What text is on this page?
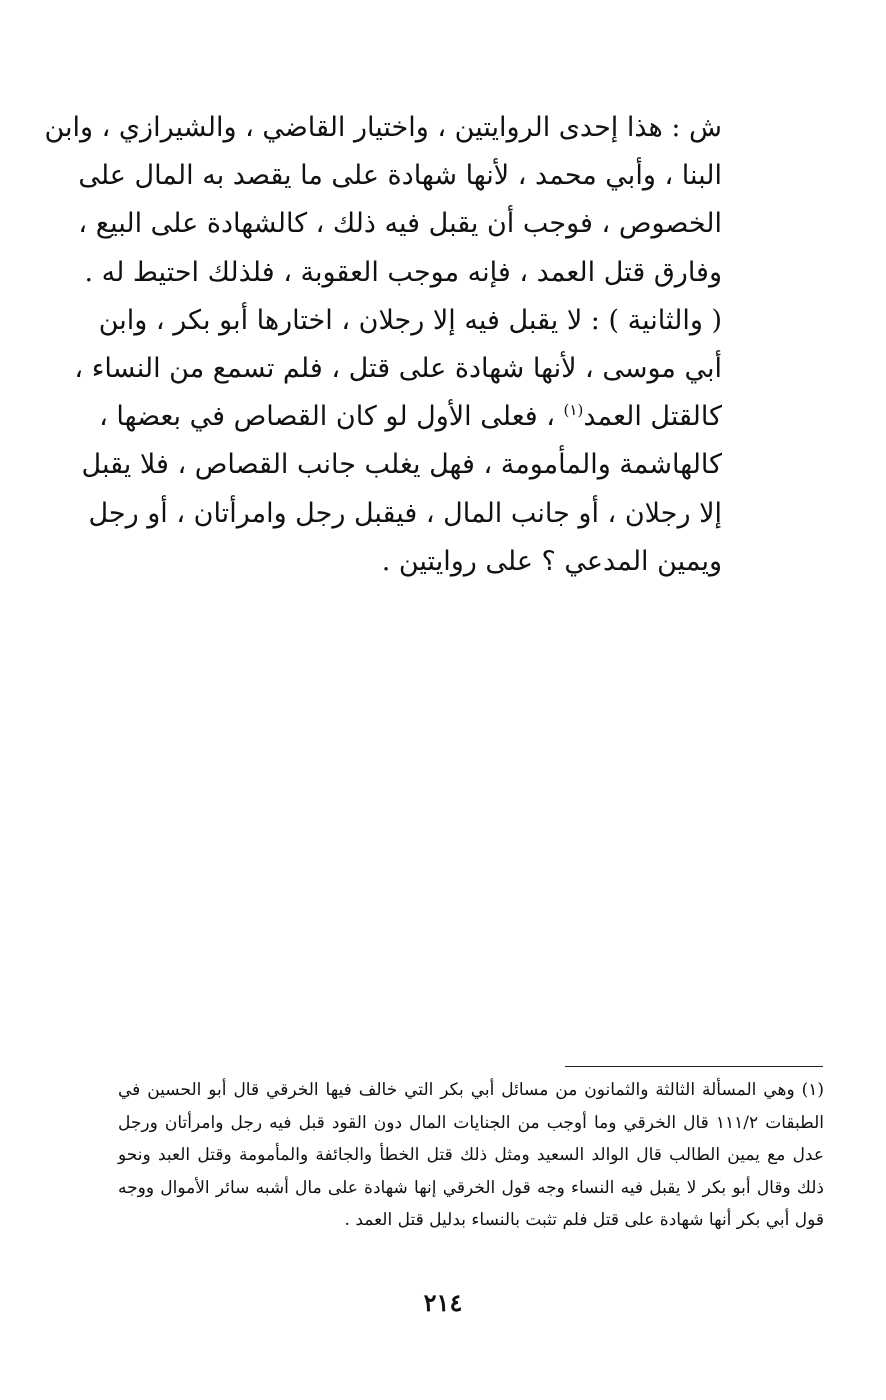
ش : هذا إحدى الروايتين ، واختيار القاضي ، والشيرازي ، وابن
البنا ، وأبي محمد ، لأنها شهادة على ما يقصد به المال على
الخصوص ، فوجب أن يقبل فيه ذلك ، كالشهادة على البيع ،
وفارق قتل العمد ، فإنه موجب العقوبة ، فلذلك احتيط له .
( والثانية ) : لا يقبل فيه إلا رجلان ، اختارها أبو بكر ، وابن
أبي موسى ، لأنها شهادة على قتل ، فلم تسمع من النساء ،
كالقتل العمد$^{(١)}$ ، فعلى الأول لو كان القصاص في بعضها ،
كالهاشمة والمأمومة ، فهل يغلب جانب القصاص ، فلا يقبل
إلا رجلان ، أو جانب المال ، فيقبل رجل وامرأتان ، أو رجل
ويمين المدعي ؟ على روايتين .
(١) وهي المسألة الثالثة والثمانون من مسائل أبي بكر التي خالف فيها الخرقي قال أبو الحسين في
الطبقات ١١١/٢ قال الخرقي وما أوجب من الجنايات المال دون القود قبل فيه رجل وامرأتان ورجل
عدل مع يمين الطالب قال الوالد السعيد ومثل ذلك قتل الخطأ والجائفة والمأمومة وقتل العبد ونحو
ذلك وقال أبو بكر لا يقبل فيه النساء وجه قول الخرقي إنها شهادة على مال أشبه سائر الأموال ووجه
قول أبي بكر أنها شهادة على قتل فلم تثبت بالنساء بدليل قتل العمد .
٢١٤
